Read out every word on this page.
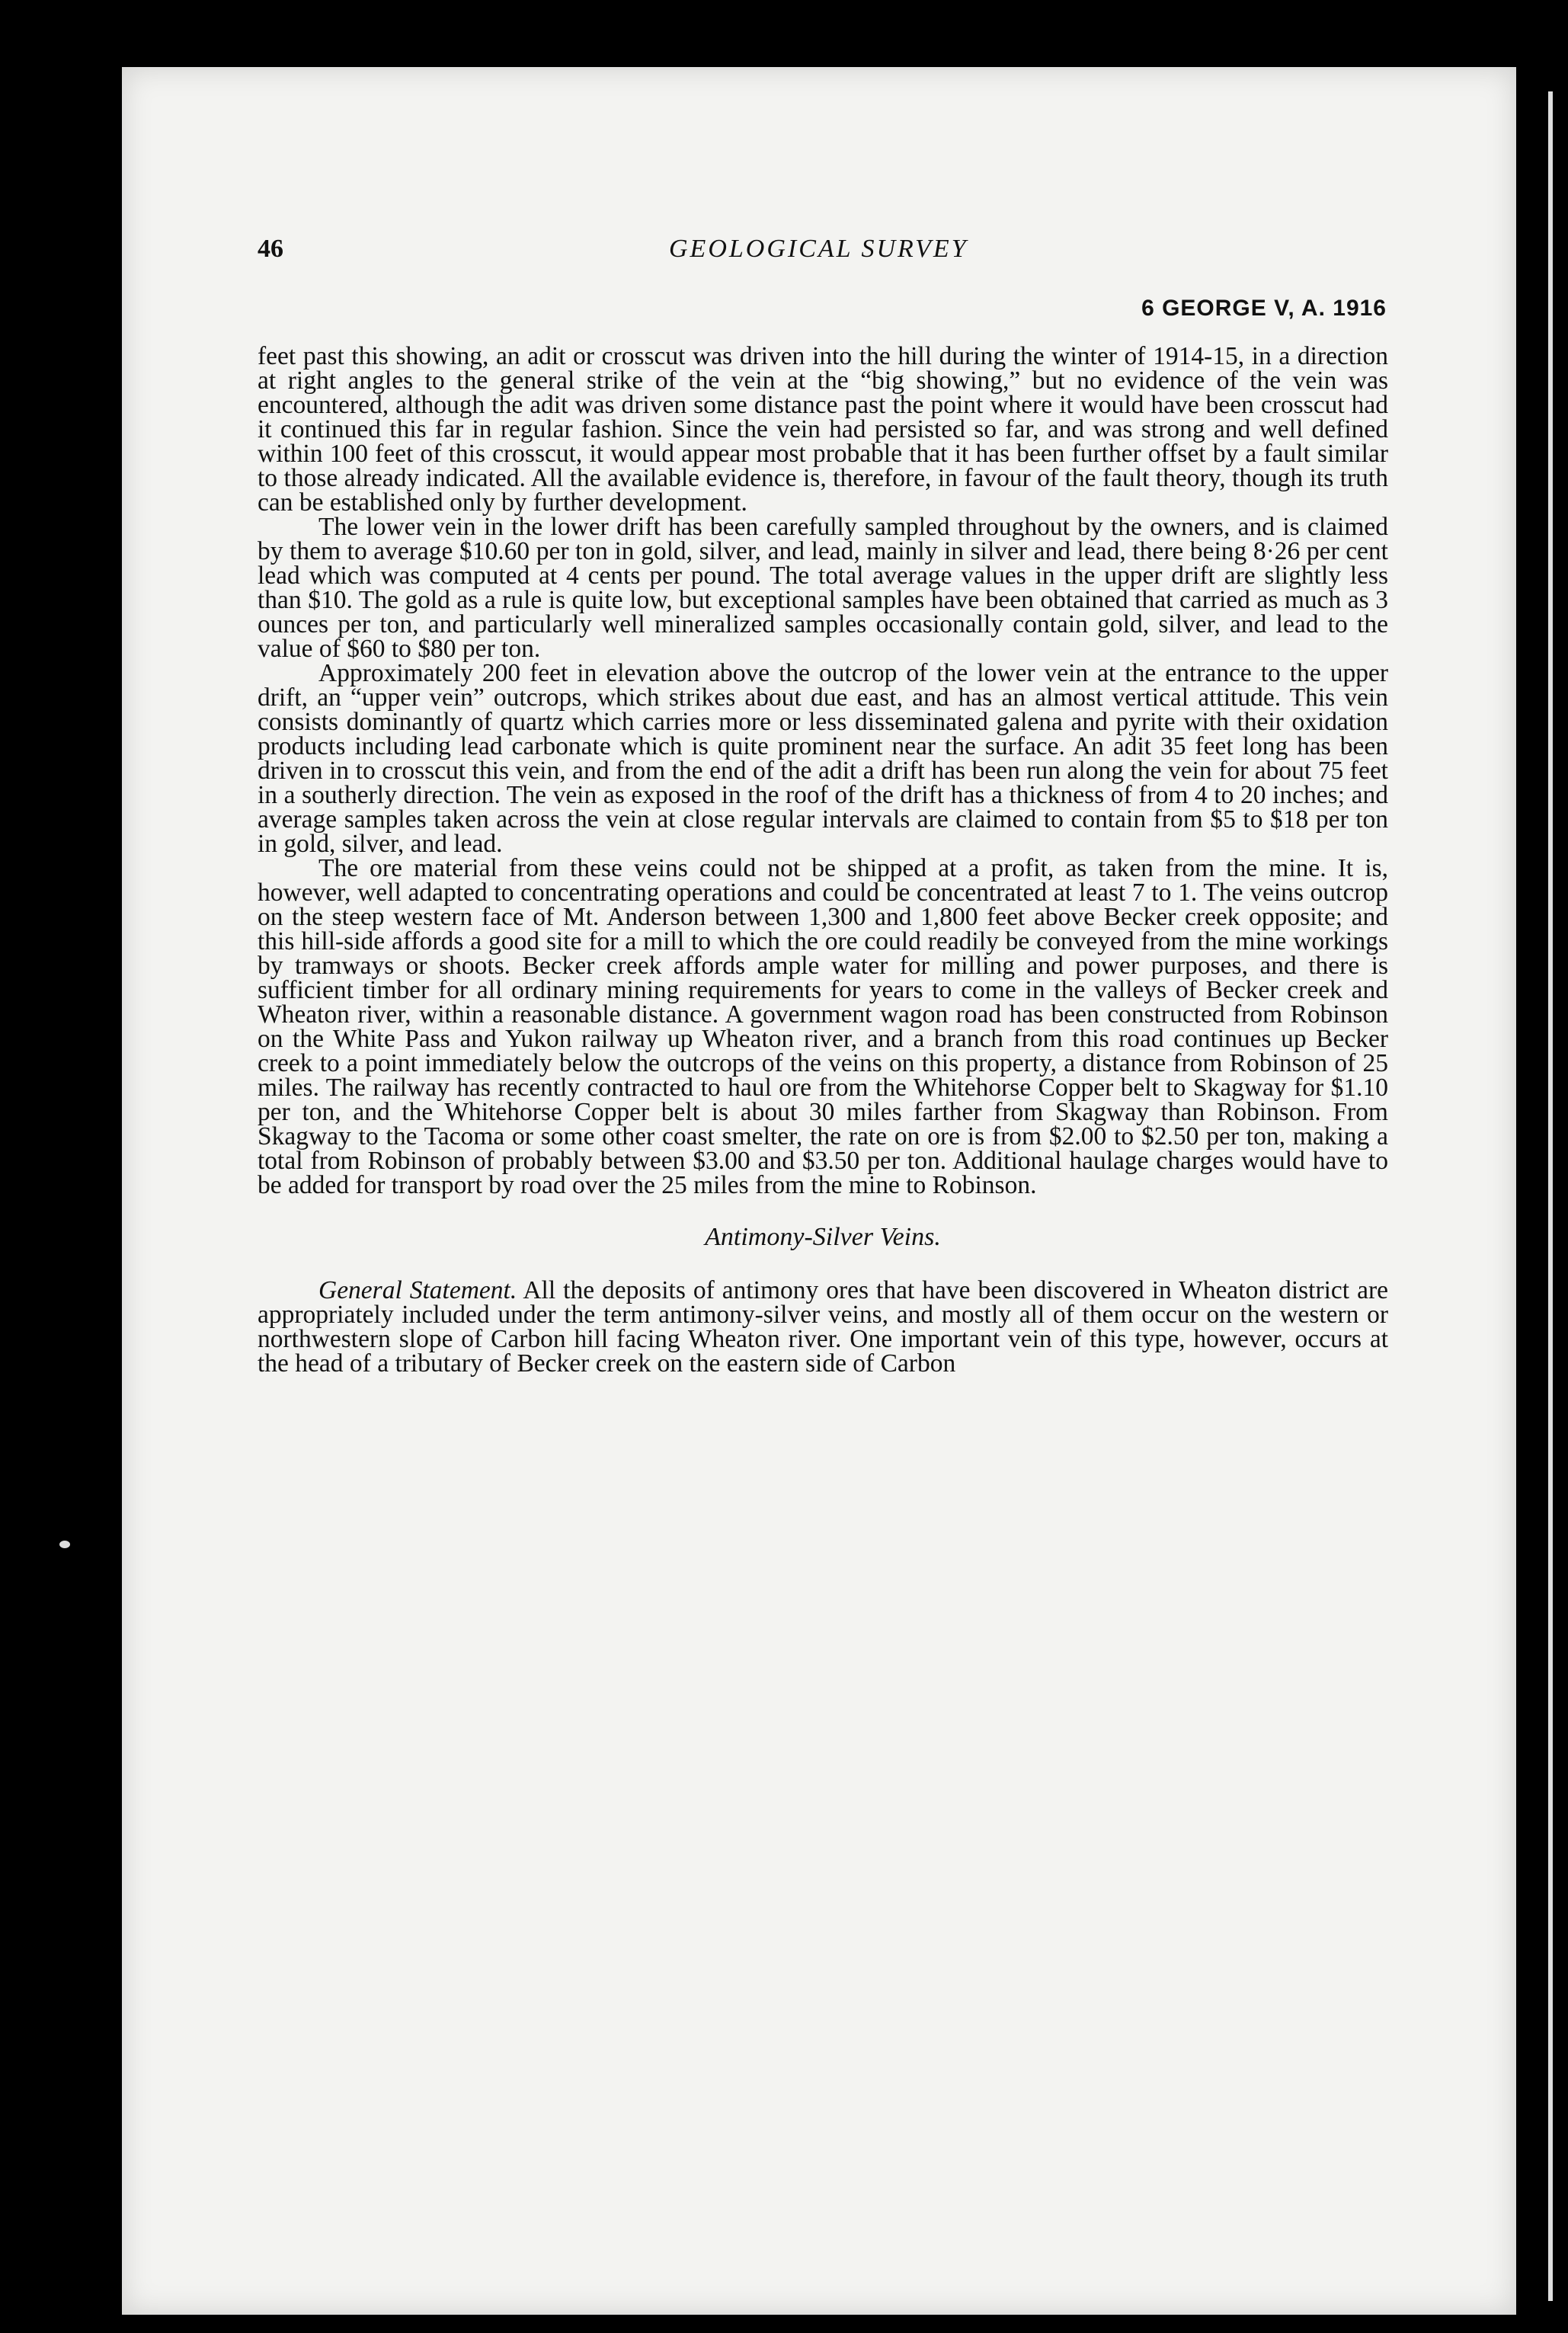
46	GEOLOGICAL SURVEY
6 GEORGE V, A. 1916

feet past this showing, an adit or crosscut was driven into the hill during the winter of 1914-15, in a direction at right angles to the general strike of the vein at the “big showing,” but no evidence of the vein was encountered, although the adit was driven some distance past the point where it would have been crosscut had it continued this far in regular fashion. Since the vein had persisted so far, and was strong and well defined within 100 feet of this crosscut, it would appear most probable that it has been further offset by a fault similar to those already indicated. All the available evidence is, therefore, in favour of the fault theory, though its truth can be established only by further development.

The lower vein in the lower drift has been carefully sampled throughout by the owners, and is claimed by them to average $10.60 per ton in gold, silver, and lead, mainly in silver and lead, there being 8·26 per cent lead which was computed at 4 cents per pound. The total average values in the upper drift are slightly less than $10. The gold as a rule is quite low, but exceptional samples have been obtained that carried as much as 3 ounces per ton, and particularly well mineralized samples occasionally contain gold, silver, and lead to the value of $60 to $80 per ton.

Approximately 200 feet in elevation above the outcrop of the lower vein at the entrance to the upper drift, an “upper vein” outcrops, which strikes about due east, and has an almost vertical attitude. This vein consists dominantly of quartz which carries more or less disseminated galena and pyrite with their oxidation products including lead carbonate which is quite prominent near the surface. An adit 35 feet long has been driven in to crosscut this vein, and from the end of the adit a drift has been run along the vein for about 75 feet in a southerly direction. The vein as exposed in the roof of the drift has a thickness of from 4 to 20 inches; and average samples taken across the vein at close regular intervals are claimed to contain from $5 to $18 per ton in gold, silver, and lead.

The ore material from these veins could not be shipped at a profit, as taken from the mine. It is, however, well adapted to concentrating operations and could be concentrated at least 7 to 1. The veins outcrop on the steep western face of Mt. Anderson between 1,300 and 1,800 feet above Becker creek opposite; and this hill-side affords a good site for a mill to which the ore could readily be conveyed from the mine workings by tramways or shoots. Becker creek affords ample water for milling and power purposes, and there is sufficient timber for all ordinary mining requirements for years to come in the valleys of Becker creek and Wheaton river, within a reasonable distance. A government wagon road has been constructed from Robinson on the White Pass and Yukon railway up Wheaton river, and a branch from this road continues up Becker creek to a point immediately below the outcrops of the veins on this property, a distance from Robinson of 25 miles. The railway has recently contracted to haul ore from the Whitehorse Copper belt to Skagway for $1.10 per ton, and the Whitehorse Copper belt is about 30 miles farther from Skagway than Robinson. From Skagway to the Tacoma or some other coast smelter, the rate on ore is from $2.00 to $2.50 per ton, making a total from Robinson of probably between $3.00 and $3.50 per ton. Additional haulage charges would have to be added for transport by road over the 25 miles from the mine to Robinson.

Antimony-Silver Veins.

General Statement. All the deposits of antimony ores that have been discovered in Wheaton district are appropriately included under the term antimony-silver veins, and mostly all of them occur on the western or northwestern slope of Carbon hill facing Wheaton river. One important vein of this type, however, occurs at the head of a tributary of Becker creek on the eastern side of Carbon
